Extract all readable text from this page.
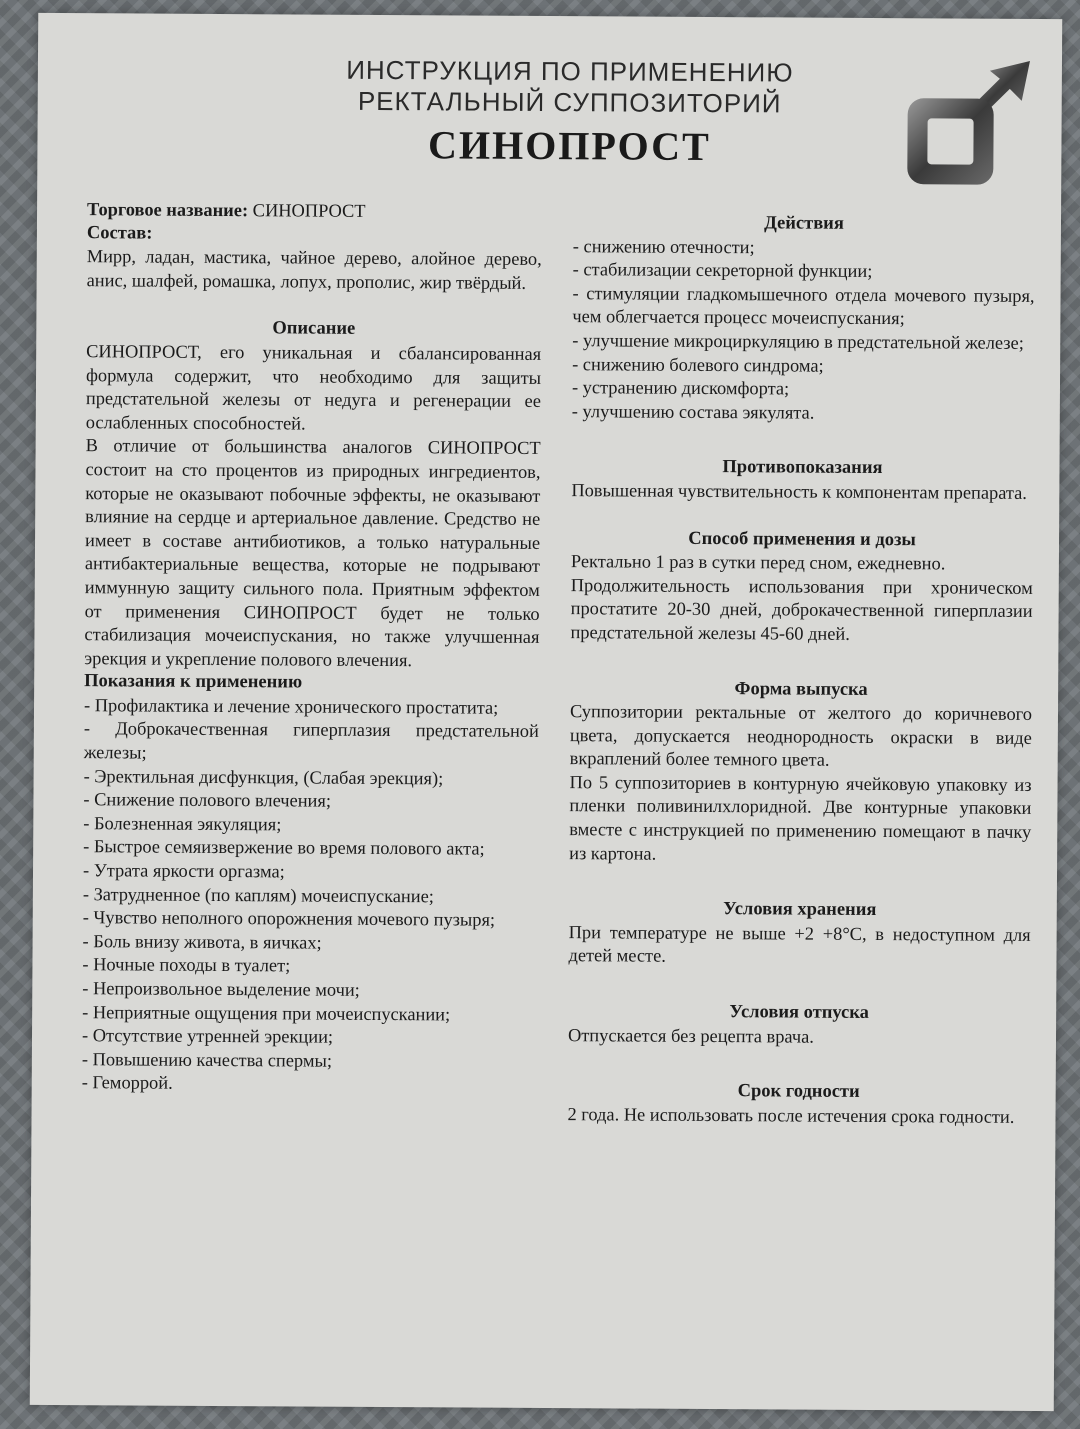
ИНСТРУКЦИЯ ПО ПРИМЕНЕНИЮ
РЕКТАЛЬНЫЙ СУППОЗИТОРИЙ
СИНОПРОСТ

Торговое название: СИНОПРОСТ

Состав:

Мирр, ладан, мастика, чайное дерево, алойное дерево, анис, шалфей, ромашка, лопух, прополис, жир твёрдый.

Описание

СИНОПРОСТ, его уникальная и сбалансированная формула содержит, что необходимо для защиты предстательной железы от недуга и регенерации ее ослабленных способностей.

В отличие от большинства аналогов СИНОПРОСТ состоит на сто процентов из природных ингредиентов, которые не оказывают побочные эффекты, не оказывают влияние на сердце и артериальное давление. Средство не имеет в составе антибиотиков, а только натуральные антибактериальные вещества, которые не подрывают иммунную защиту сильного пола. Приятным эффектом от применения СИНОПРОСТ будет не только стабилизация мочеиспускания, но также улучшенная эрекция и укрепление полового влечения.

Показания к применению

- Профилактика и лечение хронического простатита;

- Доброкачественная гиперплазия предстательной железы;

- Эректильная дисфункция, (Слабая эрекция);

- Снижение полового влечения;

- Болезненная эякуляция;

- Быстрое семяизвержение во время полового акта;

- Утрата яркости оргазма;

- Затрудненное (по каплям) мочеиспускание;

- Чувство неполного опорожнения мочевого пузыря;

- Боль внизу живота, в яичках;

- Ночные походы в туалет;

- Непроизвольное выделение мочи;

- Неприятные ощущения при мочеиспускании;

- Отсутствие утренней эрекции;

- Повышению качества спермы;

- Геморрой.

Действия

- снижению отечности;

- стабилизации секреторной функции;

- стимуляции гладкомышечного отдела мочевого пузыря, чем облегчается процесс мочеиспускания;

- улучшение микроциркуляцию в предстательной железе;

- снижению болевого синдрома;

- устранению дискомфорта;

- улучшению состава эякулята.

Противопоказания

Повышенная чувствительность к компонентам препарата.

Способ применения и дозы

Ректально 1 раз в сутки перед сном, ежедневно.

Продолжительность использования при хроническом простатите 20-30 дней, доброкачественной гиперплазии предстательной железы 45-60 дней.

Форма выпуска

Суппозитории ректальные от желтого до коричневого цвета, допускается неоднородность окраски в виде вкраплений более темного цвета.

По 5 суппозиториев в контурную ячейковую упаковку из пленки поливинилхлоридной. Две контурные упаковки вместе с инструкцией по применению помещают в пачку из картона.

Условия хранения

При температуре не выше +2 +8°С, в недоступном для детей месте.

Условия отпуска

Отпускается без рецепта врача.

Срок годности

2 года. Не использовать после истечения срока годности.
